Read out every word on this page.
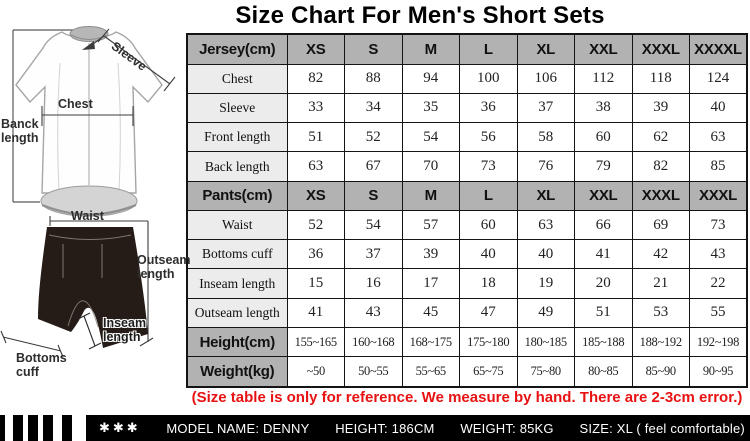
Size Chart For Men's Short Sets
Banck length
Chest
Sleeve
Waist
Outseam length
Inseam length
Bottoms cuff
Jersey(cm)	XS	S	M	L	XL	XXL	XXXL	XXXXL
Chest	82	88	94	100	106	112	118	124
Sleeve	33	34	35	36	37	38	39	40
Front length	51	52	54	56	58	60	62	63
Back length	63	67	70	73	76	79	82	85
Pants(cm)	XS	S	M	L	XL	XXL	XXXL	XXXL
Waist	52	54	57	60	63	66	69	73
Bottoms cuff	36	37	39	40	40	41	42	43
Inseam length	15	16	17	18	19	20	21	22
Outseam length	41	43	45	47	49	51	53	55
Height(cm)	155~165	160~168	168~175	175~180	180~185	185~188	188~192	192~198
Weight(kg)	~50	50~55	55~65	65~75	75~80	80~85	85~90	90~95
(Size table is only for reference. We measure by hand. There are 2-3cm error.)
✱✱✱ MODEL NAME: DENNY HEIGHT: 186CM WEIGHT: 85KG SIZE: XL ( feel comfortable)
